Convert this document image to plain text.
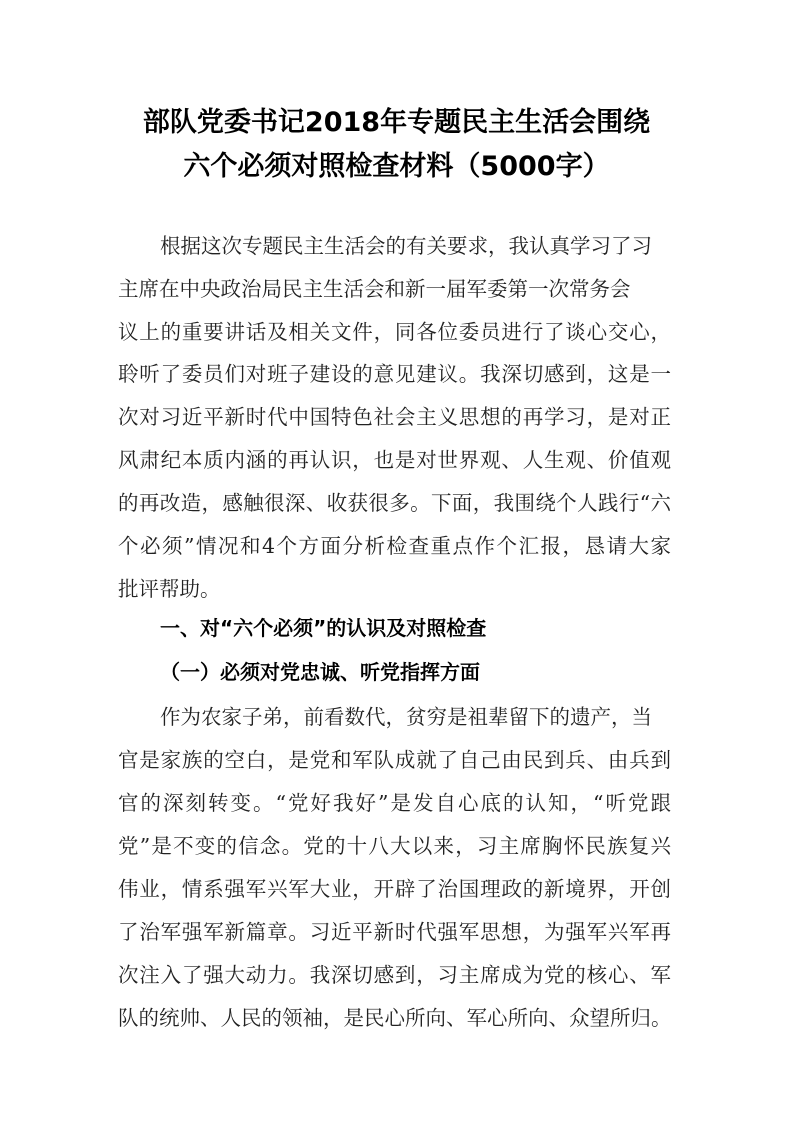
部队党委书记2018年专题民主生活会围绕
六个必须对照检查材料（5000字）
根据这次专题民主生活会的有关要求，我认真学习了习
主席在中央政治局民主生活会和新一届军委第一次常务会
议上的重要讲话及相关文件，同各位委员进行了谈心交心，
聆听了委员们对班子建设的意见建议。我深切感到，这是一
次对习近平新时代中国特色社会主义思想的再学习，是对正
风肃纪本质内涵的再认识，也是对世界观、人生观、价值观
的再改造，感触很深、收获很多。下面，我围绕个人践行“六
个必须”情况和4个方面分析检查重点作个汇报，恳请大家
批评帮助。
一、对“六个必须”的认识及对照检查
（一）必须对党忠诚、听党指挥方面
作为农家子弟，前看数代，贫穷是祖辈留下的遗产，当
官是家族的空白，是党和军队成就了自己由民到兵、由兵到
官的深刻转变。“党好我好”是发自心底的认知，“听党跟
党”是不变的信念。党的十八大以来，习主席胸怀民族复兴
伟业，情系强军兴军大业，开辟了治国理政的新境界，开创
了治军强军新篇章。习近平新时代强军思想，为强军兴军再
次注入了强大动力。我深切感到，习主席成为党的核心、军
队的统帅、人民的领袖，是民心所向、军心所向、众望所归。
